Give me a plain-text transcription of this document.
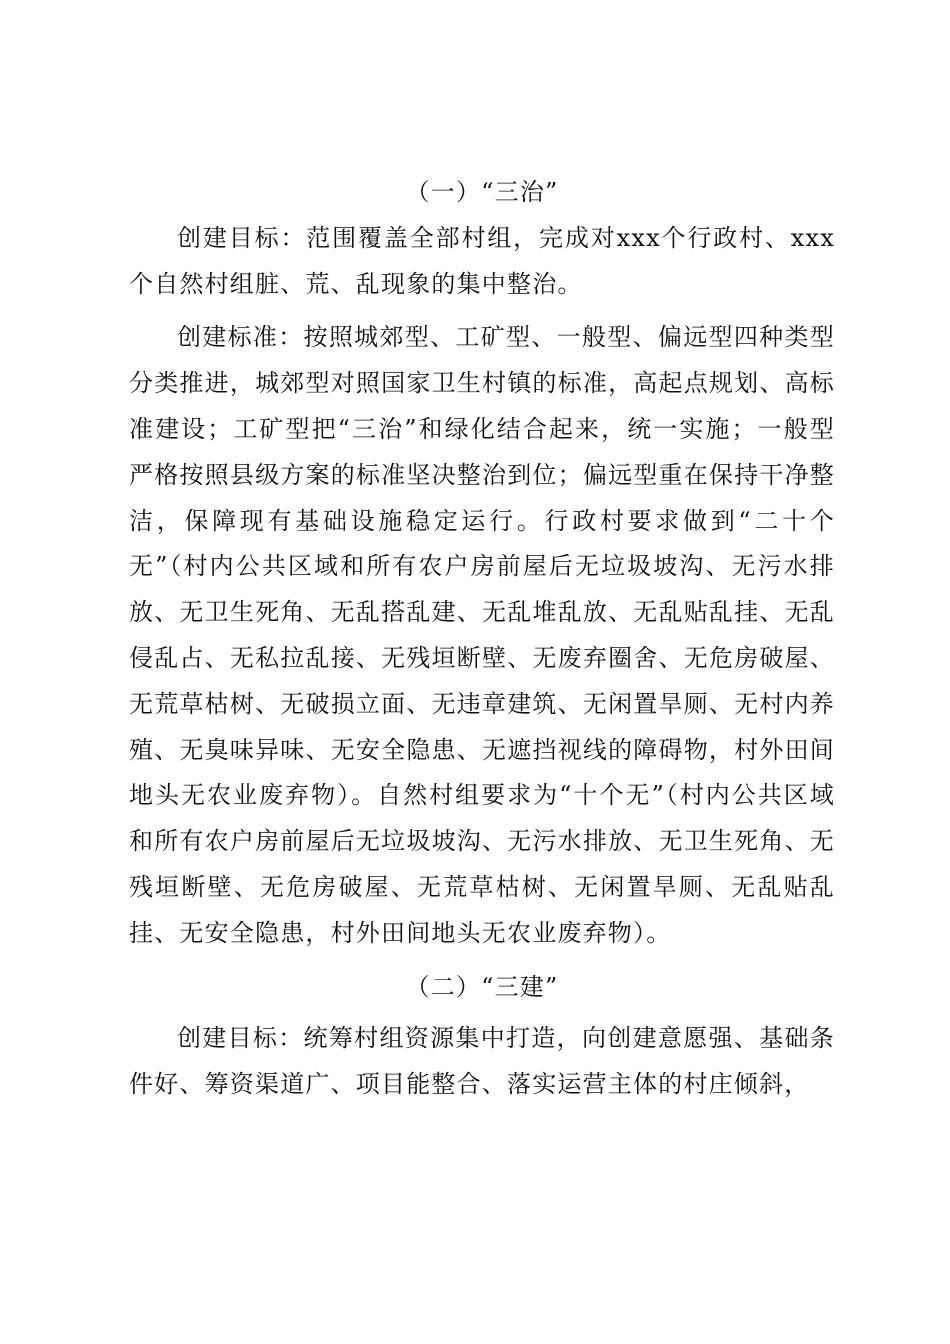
（一）“三治”

创建目标：范围覆盖全部村组，完成对xxx个行政村、xxx个自然村组脏、荒、乱现象的集中整治。

创建标准：按照城郊型、工矿型、一般型、偏远型四种类型分类推进，城郊型对照国家卫生村镇的标准，高起点规划、高标准建设；工矿型把“三治”和绿化结合起来，统一实施；一般型严格按照县级方案的标准坚决整治到位；偏远型重在保持干净整洁，保障现有基础设施稳定运行。行政村要求做到“二十个无”（村内公共区域和所有农户房前屋后无垃圾坡沟、无污水排放、无卫生死角、无乱搭乱建、无乱堆乱放、无乱贴乱挂、无乱侵乱占、无私拉乱接、无残垣断壁、无废弃圈舍、无危房破屋、无荒草枯树、无破损立面、无违章建筑、无闲置旱厕、无村内养殖、无臭味异味、无安全隐患、无遮挡视线的障碍物，村外田间地头无农业废弃物）。自然村组要求为“十个无”（村内公共区域和所有农户房前屋后无垃圾坡沟、无污水排放、无卫生死角、无残垣断壁、无危房破屋、无荒草枯树、无闲置旱厕、无乱贴乱挂、无安全隐患，村外田间地头无农业废弃物）。

（二）“三建”

创建目标：统筹村组资源集中打造，向创建意愿强、基础条件好、筹资渠道广、项目能整合、落实运营主体的村庄倾斜，
